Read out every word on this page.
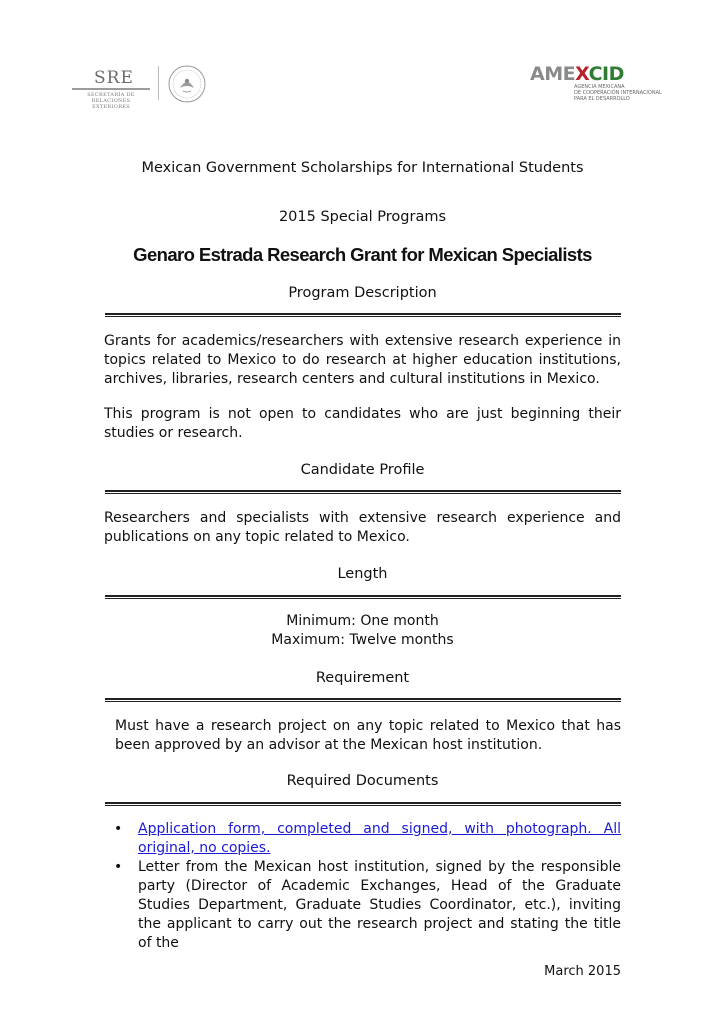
SRE
SECRETARÍA DE
RELACIONES EXTERIORES
AMEXCID
AGENCIA MEXICANA
DE COOPERACIÓN INTERNACIONAL
PARA EL DESARROLLO
Mexican Government Scholarships for International Students
2015 Special Programs
Genaro Estrada Research Grant for Mexican Specialists
Program Description
Grants for academics/researchers with extensive research experience in topics related to Mexico to do research at higher education institutions, archives, libraries, research centers and cultural institutions in Mexico.
This program is not open to candidates who are just beginning their studies or research.
Candidate Profile
Researchers and specialists with extensive research experience and publications on any topic related to Mexico.
Length
Minimum: One month
Maximum: Twelve months
Requirement
Must have a research project on any topic related to Mexico that has been approved by an advisor at the Mexican host institution.
Required Documents
• Application form, completed and signed, with photograph. All original, no copies.
• Letter from the Mexican host institution, signed by the responsible party (Director of Academic Exchanges, Head of the Graduate Studies Department, Graduate Studies Coordinator, etc.), inviting the applicant to carry out the research project and stating the title of the
March 2015
